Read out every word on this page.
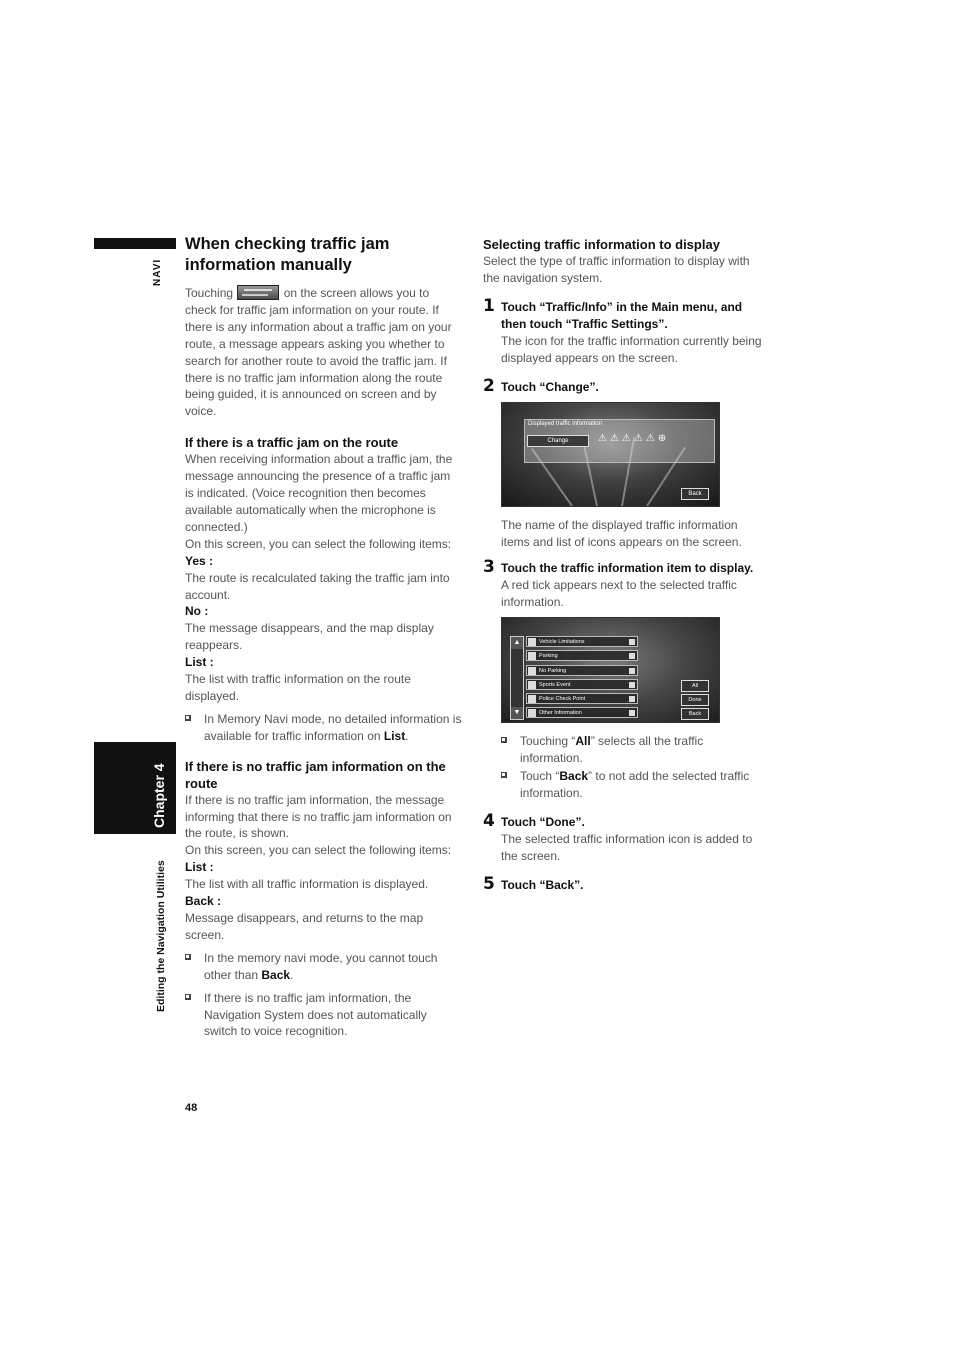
NAVI
Chapter 4
Editing the Navigation Utilities
48
When checking traffic jam information manually

Touching	on the screen allows you to check for traffic jam information on your route. If there is any information about a traffic jam on your route, a message appears asking you whether to search for another route to avoid the traffic jam. If there is no traffic jam information along the route being guided, it is announced on screen and by voice.

If there is a traffic jam on the route

When receiving information about a traffic jam, the message announcing the presence of a traffic jam is indicated. (Voice recognition then becomes available automatically when the microphone is connected.)

On this screen, you can select the following items:

Yes :

The route is recalculated taking the traffic jam into account.

No :

The message disappears, and the map display reappears.

List :

The list with traffic information on the route displayed.

In Memory Navi mode, no detailed information is available for traffic information on List.

If there is no traffic jam information on the route

If there is no traffic jam information, the message informing that there is no traffic jam information on the route, is shown.

On this screen, you can select the following items:

List :

The list with all traffic information is displayed.

Back :

Message disappears, and returns to the map screen.

In the memory navi mode, you cannot touch other than Back.

If there is no traffic jam information, the Navigation System does not automatically switch to voice recognition.

Selecting traffic information to display

Select the type of traffic information to display with the navigation system.

1 Touch “Traffic/Info” in the Main menu, and then touch “Traffic Settings”.

The icon for the traffic information currently being displayed appears on the screen.

2 Touch “Change”.

Displayed traffic information
Change	⚠⚠⚠⚠⚠⊕
Back

The name of the displayed traffic information items and list of icons appears on the screen.

3 Touch the traffic information item to display.

A red tick appears next to the selected traffic information.

▲
▼
Vehicle Limitations
Parking
No Parking
Sports Event
Police Check Point
Other Information
All
Done
Back

Touching “All” selects all the traffic information.

Touch “Back” to not add the selected traffic information.

4 Touch “Done”.

The selected traffic information icon is added to the screen.

5 Touch “Back”.
